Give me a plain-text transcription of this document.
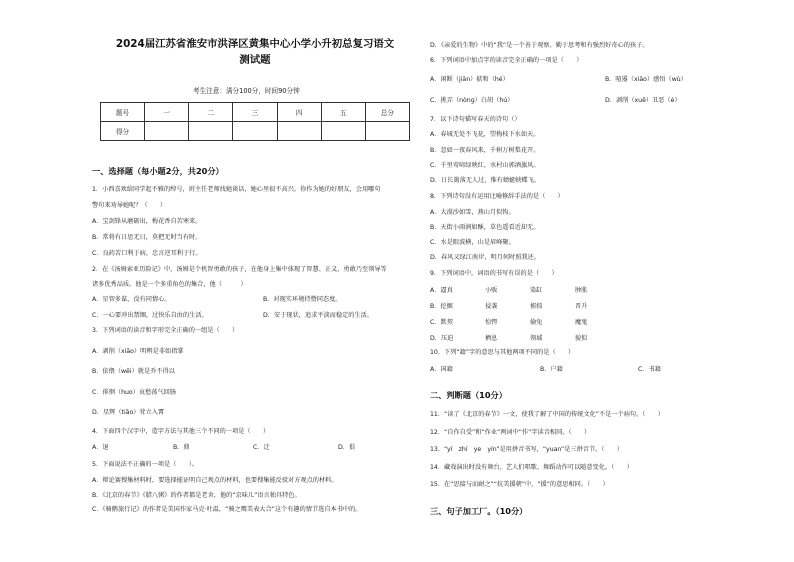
2024届江苏省淮安市洪泽区黄集中心小学小升初总复习语文
测试题
考生注意：满分100分，时间90分钟
题号	一	二	三	四	五	总分
得分						
一、选择题（每小题2分，共20分）
1．小西喜欢给同学起不雅的绰号，班主任老师找她谈话，她心里很不高兴。你作为她的好朋友，会用哪句
警句来劝导她呢？（　　）
A．宝剑锋从磨砺出，梅花香自苦寒来。
B．常将有日思无日，莫把无时当有时。
C．良药苦口利于病，忠言逆耳利于行。
2．在《汤姆索亚历险记》中，汤姆是个机智勇敢的孩子，在他身上集中体现了智慧、正义、勇敢乃至领导等
诸多优秀品质。他是一个多重角色的集合，他（　　　）
A．星智多谋，没有同情心。	B．对现实环境持赞同态度。
C．一心要冲出禁锢，过快乐自由的生活。	D．安于现状，追求平淡而稳定的生活。
3．下列词语的读音和字形完全正确的一组是（　　）
A．剥削（xiāo）明辨是非如指掌
B．依偎（wēi）就是乔不得以
C．徘徊（huo）哀愁荡气回肠
D．星辉（tiāo）耸立入霄
4．下面四个汉字中，造字方法与其他三个不同的一项是（　　）
A．退	B．鼎	C．迁	D．俱
5．下面说法不正确的一项是（　　）。
A．辩论赛搜集材料时，要选择能证明自己观点的材料，也要搜集能反驳对方观点的材料。
B．《北京的春节》《腊八粥》的作者都是老舍，他的“京味儿”语言独具特色。
C．《骑鹅旅行记》的作者是美国作家马克·吐温，“骑之鹰美表大合”这个有趣的情节选自本书中的。
D．《亲爱的生物》中的“我”是一个善于观察、勤于思考和有强烈好奇心的孩子。
6．下列词语中加点字的读音完全正确的一项是（　　）
A．闲断（jiān）掂和（hé）	B．喧嚣（xiāo）感悟（wù）
C．挑弄（nòng）白胡（hú）	D．剥削（xuē）丑恶（è）
7．以下诗句描写春天的诗句（）
A．春城无处不飞花，望梅枝下水如天。
B．忽如一夜春风来，千树万树梨花开。
C．千里莺啼绿映红，水村山郭酒旗风。
D．日长篱落无人过，惟有蜻蜓蛱蝶飞。
8．下列诗句没有运用比喻修辞手法的是（　　）
A．大漠沙如雪，燕山月似钩。
B．天街小雨润如酥，草色遥看近却无。
C．水是眼波横，山是眉峰聚。
D．春风又绿江南岸，明月何时照我还。
9．下列词语中，词语的书写有误的是（　　）
A．逼真	小贩	染缸	肿胀
B．挖掘	侵袭	掳掠	晋升
C．默契	惊愕	偷兔	魔鬼
D．压迫	栖息	领域	貌似
10．下列“籍”字的意思与其他两项不同的是（　　）
A．国籍	B．户籍	C．书籍
二、判断题（10分）
11．“读了《北京的春节》一文，使我了解了中国的传统文化”不是一个病句。（　　）
12．“自作自受”和“作业”两词中“作”字读音相同。（　　）
13．“yí　zhí　ye　yín”是用拼音书写，“yuan”是三拼音节。（　　）
14．藏戏演出时没有舞台，艺人们唱歌、舞蹈动作可以随意变化。（　　）
15．在“思接与而耐之”“抗美援朝”中，“援”的意思相同。（　　）
三、句子加工厂。（10分）
